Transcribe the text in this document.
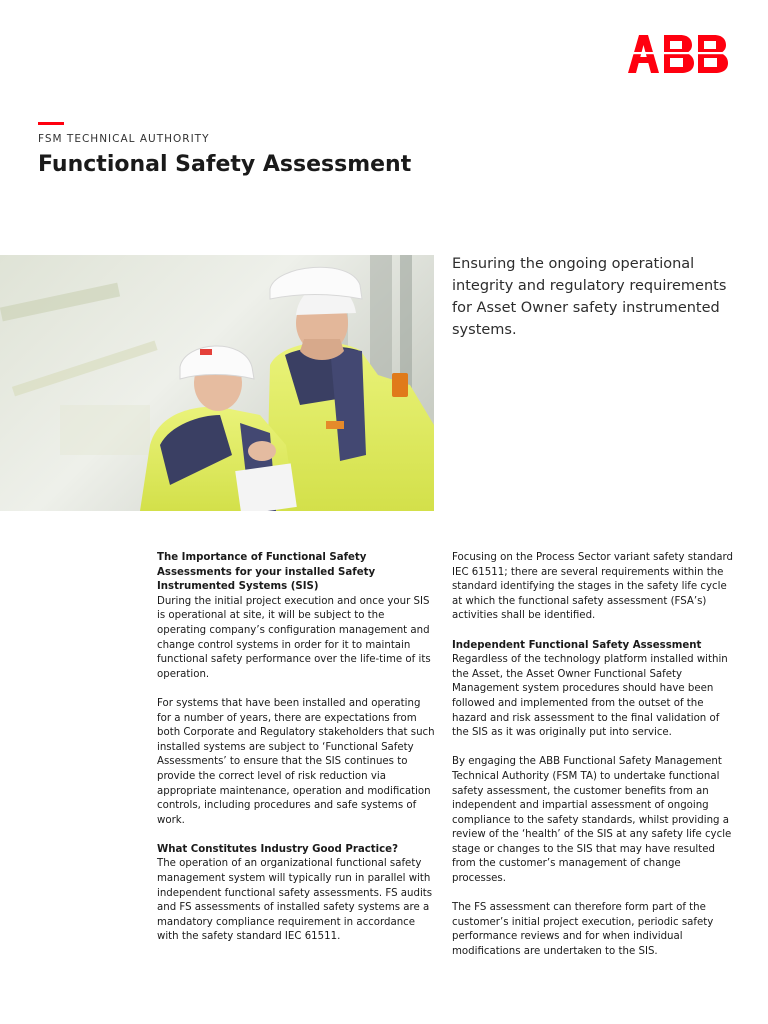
FSM TECHNICAL AUTHORITY
Functional Safety Assessment

Ensuring the ongoing operational integrity and regulatory requirements for Asset Owner safety instrumented systems.

The Importance of Functional Safety Assessments for your installed Safety Instrumented Systems (SIS)

During the initial project execution and once your SIS is operational at site, it will be subject to the operating company’s configuration management and change control systems in order for it to maintain functional safety performance over the life-time of its operation.

For systems that have been installed and operating for a number of years, there are expectations from both Corporate and Regulatory stakeholders that such installed systems are subject to ‘Functional Safety Assessments’ to ensure that the SIS continues to provide the correct level of risk reduction via appropriate maintenance, operation and modification controls, including procedures and safe systems of work.

What Constitutes Industry Good Practice?

The operation of an organizational functional safety management system will typically run in parallel with independent functional safety assessments. FS audits and FS assessments of installed safety systems are a mandatory compliance requirement in accordance with the safety standard IEC 61511.

Focusing on the Process Sector variant safety standard IEC 61511; there are several requirements within the standard identifying the stages in the safety life cycle at which the functional safety assessment (FSA’s) activities shall be identified.

Independent Functional Safety Assessment

Regardless of the technology platform installed within the Asset, the Asset Owner Functional Safety Management system procedures should have been followed and implemented from the outset of the hazard and risk assessment to the final validation of the SIS as it was originally put into service.

By engaging the ABB Functional Safety Management Technical Authority (FSM TA) to undertake functional safety assessment, the customer benefits from an independent and impartial assessment of ongoing compliance to the safety standards, whilst providing a review of the ‘health’ of the SIS at any safety life cycle stage or changes to the SIS that may have resulted from the customer’s management of change processes.

The FS assessment can therefore form part of the customer’s initial project execution, periodic safety performance reviews and for when individual modifications are undertaken to the SIS.
